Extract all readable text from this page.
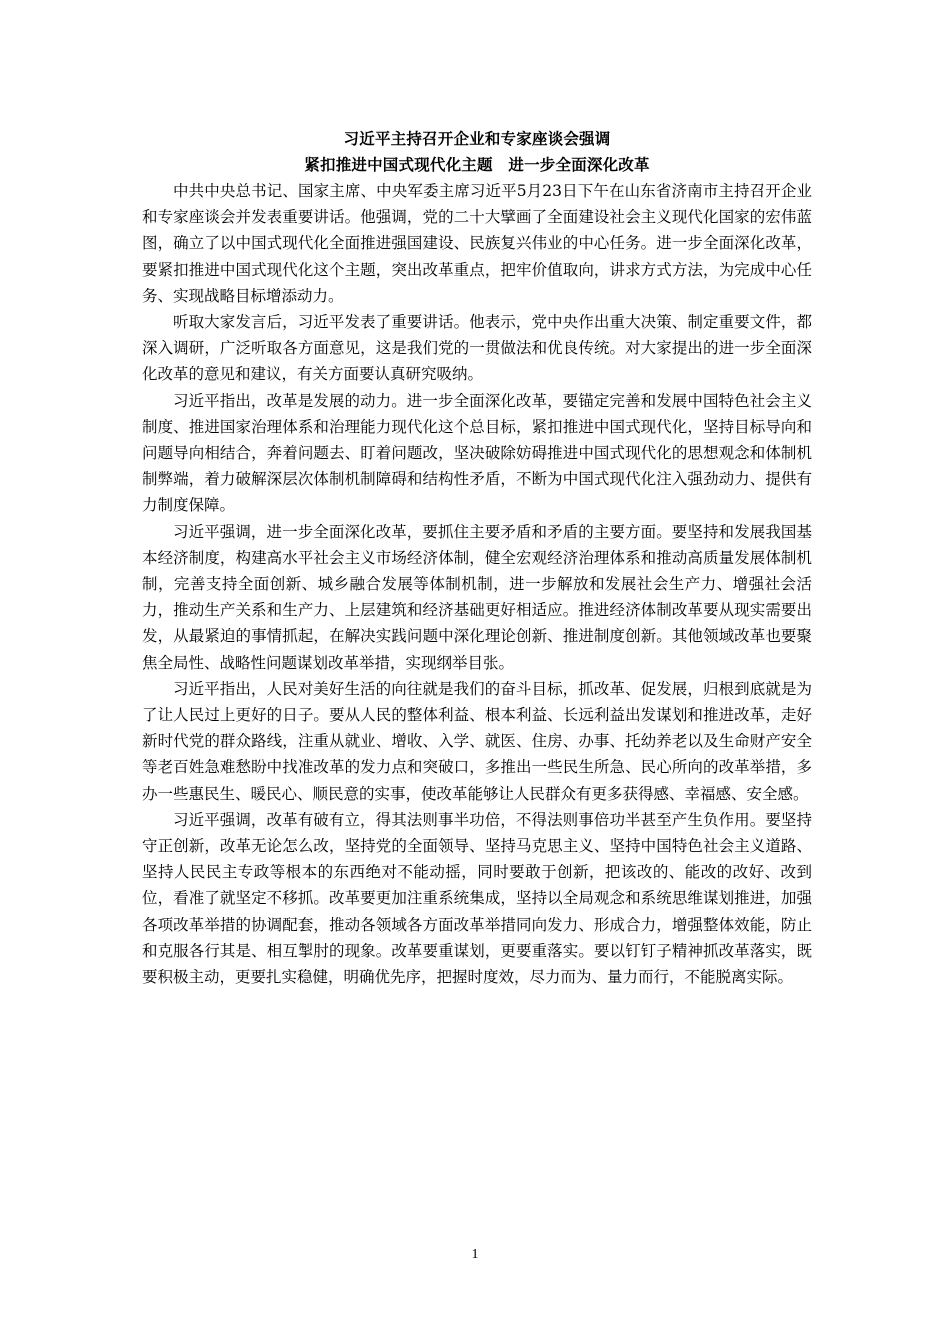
习近平主持召开企业和专家座谈会强调

紧扣推进中国式现代化主题　进一步全面深化改革

中共中央总书记、国家主席、中央军委主席习近平5月23日下午在山东省济南市主持召开企业和专家座谈会并发表重要讲话。他强调，党的二十大擘画了全面建设社会主义现代化国家的宏伟蓝图，确立了以中国式现代化全面推进强国建设、民族复兴伟业的中心任务。进一步全面深化改革，要紧扣推进中国式现代化这个主题，突出改革重点，把牢价值取向，讲求方式方法，为完成中心任务、实现战略目标增添动力。

听取大家发言后，习近平发表了重要讲话。他表示，党中央作出重大决策、制定重要文件，都深入调研，广泛听取各方面意见，这是我们党的一贯做法和优良传统。对大家提出的进一步全面深化改革的意见和建议，有关方面要认真研究吸纳。

习近平指出，改革是发展的动力。进一步全面深化改革，要锚定完善和发展中国特色社会主义制度、推进国家治理体系和治理能力现代化这个总目标，紧扣推进中国式现代化，坚持目标导向和问题导向相结合，奔着问题去、盯着问题改，坚决破除妨碍推进中国式现代化的思想观念和体制机制弊端，着力破解深层次体制机制障碍和结构性矛盾，不断为中国式现代化注入强劲动力、提供有力制度保障。

习近平强调，进一步全面深化改革，要抓住主要矛盾和矛盾的主要方面。要坚持和发展我国基本经济制度，构建高水平社会主义市场经济体制，健全宏观经济治理体系和推动高质量发展体制机制，完善支持全面创新、城乡融合发展等体制机制，进一步解放和发展社会生产力、增强社会活力，推动生产关系和生产力、上层建筑和经济基础更好相适应。推进经济体制改革要从现实需要出发，从最紧迫的事情抓起，在解决实践问题中深化理论创新、推进制度创新。其他领域改革也要聚焦全局性、战略性问题谋划改革举措，实现纲举目张。

习近平指出，人民对美好生活的向往就是我们的奋斗目标，抓改革、促发展，归根到底就是为了让人民过上更好的日子。要从人民的整体利益、根本利益、长远利益出发谋划和推进改革，走好新时代党的群众路线，注重从就业、增收、入学、就医、住房、办事、托幼养老以及生命财产安全等老百姓急难愁盼中找准改革的发力点和突破口，多推出一些民生所急、民心所向的改革举措，多办一些惠民生、暖民心、顺民意的实事，使改革能够让人民群众有更多获得感、幸福感、安全感。

习近平强调，改革有破有立，得其法则事半功倍，不得法则事倍功半甚至产生负作用。要坚持守正创新，改革无论怎么改，坚持党的全面领导、坚持马克思主义、坚持中国特色社会主义道路、坚持人民民主专政等根本的东西绝对不能动摇，同时要敢于创新，把该改的、能改的改好、改到位，看准了就坚定不移抓。改革要更加注重系统集成，坚持以全局观念和系统思维谋划推进，加强各项改革举措的协调配套，推动各领域各方面改革举措同向发力、形成合力，增强整体效能，防止和克服各行其是、相互掣肘的现象。改革要重谋划，更要重落实。要以钉钉子精神抓改革落实，既要积极主动，更要扎实稳健，明确优先序，把握时度效，尽力而为、量力而行，不能脱离实际。

1
